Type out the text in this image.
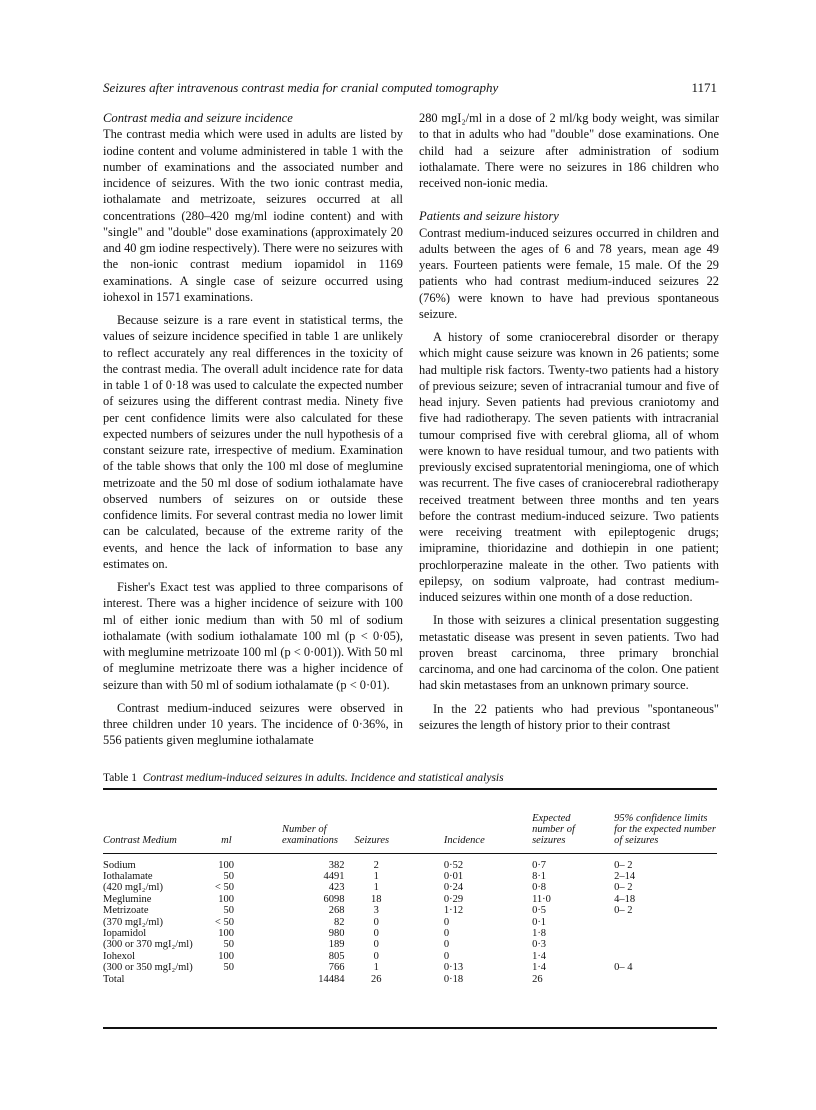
Seizures after intravenous contrast media for cranial computed tomography	1171
Contrast media and seizure incidence

The contrast media which were used in adults are listed by iodine content and volume administered in table 1 with the number of examinations and the associated number and incidence of seizures. With the two ionic contrast media, iothalamate and metrizoate, seizures occurred at all concentrations (280–420 mg/ml iodine content) and with "single" and "double" dose examinations (approximately 20 and 40 gm iodine respectively). There were no seizures with the non-ionic contrast medium iopamidol in 1169 examinations. A single case of seizure occurred using iohexol in 1571 examinations.

Because seizure is a rare event in statistical terms, the values of seizure incidence specified in table 1 are unlikely to reflect accurately any real differences in the toxicity of the contrast media. The overall adult incidence rate for data in table 1 of 0·18 was used to calculate the expected number of seizures using the different contrast media. Ninety five per cent confidence limits were also calculated for these expected numbers of seizures under the null hypothesis of a constant seizure rate, irrespective of medium. Examination of the table shows that only the 100 ml dose of meglumine metrizoate and the 50 ml dose of sodium iothalamate have observed numbers of seizures on or outside these confidence limits. For several contrast media no lower limit can be calculated, because of the extreme rarity of the events, and hence the lack of information to base any estimates on.

Fisher's Exact test was applied to three comparisons of interest. There was a higher incidence of seizure with 100 ml of either ionic medium than with 50 ml of sodium iothalamate (with sodium iothalamate 100 ml (p < 0·05), with meglumine metrizoate 100 ml (p < 0·001)). With 50 ml of meglumine metrizoate there was a higher incidence of seizure than with 50 ml of sodium iothalamate (p < 0·01).

Contrast medium-induced seizures were observed in three children under 10 years. The incidence of 0·36%, in 556 patients given meglumine iothalamate

280 mgI₂/ml in a dose of 2 ml/kg body weight, was similar to that in adults who had "double" dose examinations. One child had a seizure after administration of sodium iothalamate. There were no seizures in 186 children who received non-ionic media.

Patients and seizure history

Contrast medium-induced seizures occurred in children and adults between the ages of 6 and 78 years, mean age 49 years. Fourteen patients were female, 15 male. Of the 29 patients who had contrast medium-induced seizures 22 (76%) were known to have had previous spontaneous seizure.

A history of some craniocerebral disorder or therapy which might cause seizure was known in 26 patients; some had multiple risk factors. Twenty-two patients had a history of previous seizure; seven of intracranial tumour and five of head injury. Seven patients had previous craniotomy and five had radiotherapy. The seven patients with intracranial tumour comprised five with cerebral glioma, all of whom were known to have residual tumour, and two patients with previously excised supratentorial meningioma, one of which was recurrent. The five cases of craniocerebral radiotherapy received treatment between three months and ten years before the contrast medium-induced seizure. Two patients were receiving treatment with epileptogenic drugs; imipramine, thioridazine and dothiepin in one patient; prochlorperazine maleate in the other. Two patients with epilepsy, on sodium valproate, had contrast medium-induced seizures within one month of a dose reduction.

In those with seizures a clinical presentation suggesting metastatic disease was present in seven patients. Two had proven breast carcinoma, three primary bronchial carcinoma, and one had carcinoma of the colon. One patient had skin metastases from an unknown primary source.

In the 22 patients who had previous "spontaneous" seizures the length of history prior to their contrast

Table 1 Contrast medium-induced seizures in adults. Incidence and statistical analysis
Contrast Medium	ml	Number of examinations	Seizures	Incidence	Expected number of seizures	95% confidence limits for the expected number of seizures
Sodium	100	382	2	0·52	0·7	0– 2
Iothalamate	50	4491	1	0·01	8·1	2–14
(420 mgI₂/ml)	< 50	423	1	0·24	0·8	0– 2
Meglumine	100	6098	18	0·29	11·0	4–18
Metrizoate	50	268	3	1·12	0·5	0– 2
(370 mgI₂/ml)	< 50	82	0	0	0·1	
Iopamidol	100	980	0	0	1·8	
(300 or 370 mgI₂/ml)	50	189	0	0	0·3	
Iohexol	100	805	0	0	1·4	
(300 or 350 mgI₂/ml)	50	766	1	0·13	1·4	0– 4
Total		14484	26	0·18	26	
